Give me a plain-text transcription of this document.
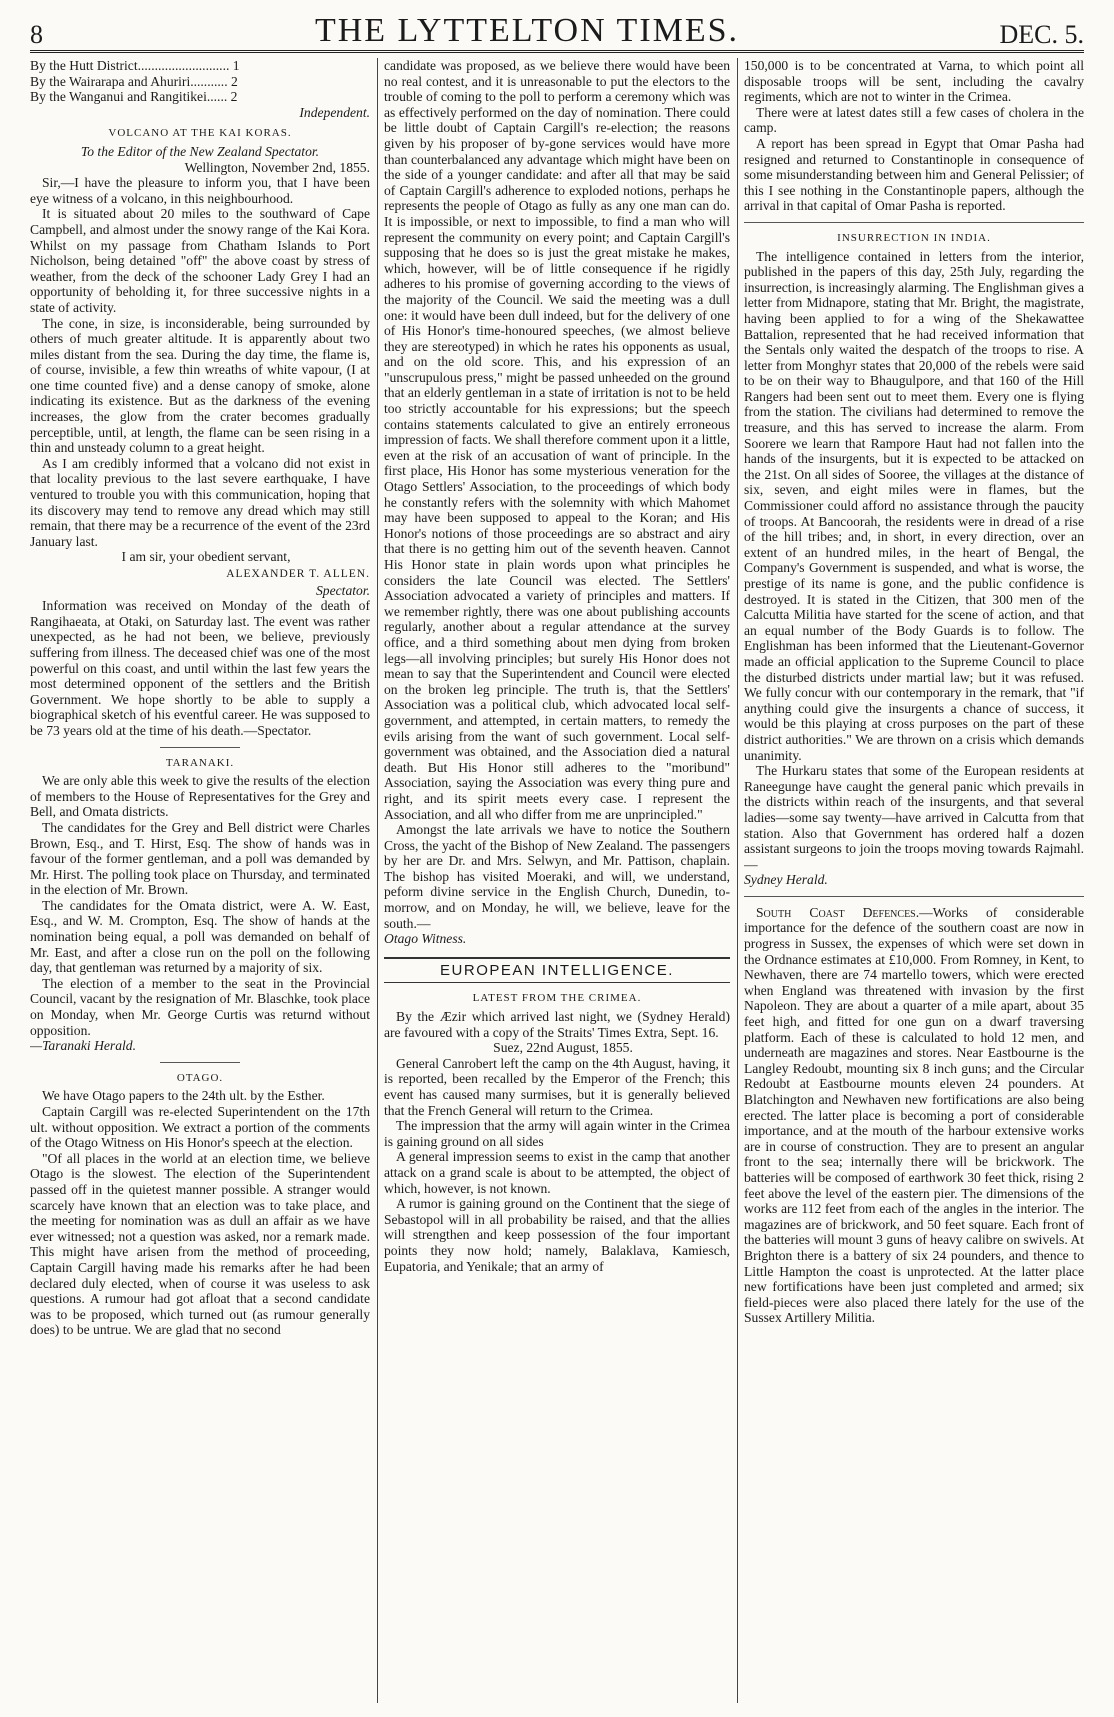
8	THE LYTTELTON TIMES.	DEC. 5.

By the Hutt District........................... 1

By the Wairarapa and Ahuriri........... 2

By the Wanganui and Rangitikei...... 2

Independent.

VOLCANO AT THE KAI KORAS.

To the Editor of the New Zealand Spectator.

Wellington, November 2nd, 1855.

Sir,—I have the pleasure to inform you, that I have been eye witness of a volcano, in this neighbourhood.

It is situated about 20 miles to the southward of Cape Campbell, and almost under the snowy range of the Kai Kora. Whilst on my passage from Chatham Islands to Port Nicholson, being detained "off" the above coast by stress of weather, from the deck of the schooner Lady Grey I had an opportunity of beholding it, for three successive nights in a state of activity.

The cone, in size, is inconsiderable, being surrounded by others of much greater altitude. It is apparently about two miles distant from the sea. During the day time, the flame is, of course, invisible, a few thin wreaths of white vapour, (I at one time counted five) and a dense canopy of smoke, alone indicating its existence. But as the darkness of the evening increases, the glow from the crater becomes gradually perceptible, until, at length, the flame can be seen rising in a thin and unsteady column to a great height.

As I am credibly informed that a volcano did not exist in that locality previous to the last severe earthquake, I have ventured to trouble you with this communication, hoping that its discovery may tend to remove any dread which may still remain, that there may be a recurrence of the event of the 23rd January last.

I am sir, your obedient servant,

ALEXANDER T. ALLEN.

Spectator.

Information was received on Monday of the death of Rangihaeata, at Otaki, on Saturday last. The event was rather unexpected, as he had not been, we believe, previously suffering from illness. The deceased chief was one of the most powerful on this coast, and until within the last few years the most determined opponent of the settlers and the British Government. We hope shortly to be able to supply a biographical sketch of his eventful career. He was supposed to be 73 years old at the time of his death.—Spectator.

TARANAKI.

We are only able this week to give the results of the election of members to the House of Representatives for the Grey and Bell, and Omata districts.

The candidates for the Grey and Bell district were Charles Brown, Esq., and T. Hirst, Esq. The show of hands was in favour of the former gentleman, and a poll was demanded by Mr. Hirst. The polling took place on Thursday, and terminated in the election of Mr. Brown.

The candidates for the Omata district, were A. W. East, Esq., and W. M. Crompton, Esq. The show of hands at the nomination being equal, a poll was demanded on behalf of Mr. East, and after a close run on the poll on the following day, that gentleman was returned by a majority of six.

The election of a member to the seat in the Provincial Council, vacant by the resignation of Mr. Blaschke, took place on Monday, when Mr. George Curtis was returnd without opposition.

—Taranaki Herald.

OTAGO.

We have Otago papers to the 24th ult. by the Esther.

Captain Cargill was re-elected Superintendent on the 17th ult. without opposition. We extract a portion of the comments of the Otago Witness on His Honor's speech at the election.

"Of all places in the world at an election time, we believe Otago is the slowest. The election of the Superintendent passed off in the quietest manner possible. A stranger would scarcely have known that an election was to take place, and the meeting for nomination was as dull an affair as we have ever witnessed; not a question was asked, nor a remark made. This might have arisen from the method of proceeding, Captain Cargill having made his remarks after he had been declared duly elected, when of course it was useless to ask questions. A rumour had got afloat that a second candidate was to be proposed, which turned out (as rumour generally does) to be untrue. We are glad that no second

candidate was proposed, as we believe there would have been no real contest, and it is unreasonable to put the electors to the trouble of coming to the poll to perform a ceremony which was as effectively performed on the day of nomination. There could be little doubt of Captain Cargill's re-election; the reasons given by his proposer of by-gone services would have more than counterbalanced any advantage which might have been on the side of a younger candidate: and after all that may be said of Captain Cargill's adherence to exploded notions, perhaps he represents the people of Otago as fully as any one man can do. It is impossible, or next to impossible, to find a man who will represent the community on every point; and Captain Cargill's supposing that he does so is just the great mistake he makes, which, however, will be of little consequence if he rigidly adheres to his promise of governing according to the views of the majority of the Council. We said the meeting was a dull one: it would have been dull indeed, but for the delivery of one of His Honor's time-honoured speeches, (we almost believe they are stereotyped) in which he rates his opponents as usual, and on the old score. This, and his expression of an "unscrupulous press," might be passed unheeded on the ground that an elderly gentleman in a state of irritation is not to be held too strictly accountable for his expressions; but the speech contains statements calculated to give an entirely erroneous impression of facts. We shall therefore comment upon it a little, even at the risk of an accusation of want of principle. In the first place, His Honor has some mysterious veneration for the Otago Settlers' Association, to the proceedings of which body he constantly refers with the solemnity with which Mahomet may have been supposed to appeal to the Koran; and His Honor's notions of those proceedings are so abstract and airy that there is no getting him out of the seventh heaven. Cannot His Honor state in plain words upon what principles he considers the late Council was elected. The Settlers' Association advocated a variety of principles and matters. If we remember rightly, there was one about publishing accounts regularly, another about a regular attendance at the survey office, and a third something about men dying from broken legs—all involving principles; but surely His Honor does not mean to say that the Superintendent and Council were elected on the broken leg principle. The truth is, that the Settlers' Association was a political club, which advocated local self-government, and attempted, in certain matters, to remedy the evils arising from the want of such government. Local self-government was obtained, and the Association died a natural death. But His Honor still adheres to the "moribund" Association, saying the Association was every thing pure and right, and its spirit meets every case. I represent the Association, and all who differ from me are unprincipled."

Amongst the late arrivals we have to notice the Southern Cross, the yacht of the Bishop of New Zealand. The passengers by her are Dr. and Mrs. Selwyn, and Mr. Pattison, chaplain. The bishop has visited Moeraki, and will, we understand, peform divine service in the English Church, Dunedin, to-morrow, and on Monday, he will, we believe, leave for the south.—

Otago Witness.

EUROPEAN INTELLIGENCE.
LATEST FROM THE CRIMEA.

By the Æzir which arrived last night, we (Sydney Herald) are favoured with a copy of the Straits' Times Extra, Sept. 16.

Suez, 22nd August, 1855.

General Canrobert left the camp on the 4th August, having, it is reported, been recalled by the Emperor of the French; this event has caused many surmises, but it is generally believed that the French General will return to the Crimea.

The impression that the army will again winter in the Crimea is gaining ground on all sides

A general impression seems to exist in the camp that another attack on a grand scale is about to be attempted, the object of which, however, is not known.

A rumor is gaining ground on the Continent that the siege of Sebastopol will in all probability be raised, and that the allies will strengthen and keep possession of the four important points they now hold; namely, Balaklava, Kamiesch, Eupatoria, and Yenikale; that an army of

150,000 is to be concentrated at Varna, to which point all disposable troops will be sent, including the cavalry regiments, which are not to winter in the Crimea.

There were at latest dates still a few cases of cholera in the camp.

A report has been spread in Egypt that Omar Pasha had resigned and returned to Constantinople in consequence of some misunderstanding between him and General Pelissier; of this I see nothing in the Constantinople papers, although the arrival in that capital of Omar Pasha is reported.

INSURRECTION IN INDIA.

The intelligence contained in letters from the interior, published in the papers of this day, 25th July, regarding the insurrection, is increasingly alarming. The Englishman gives a letter from Midnapore, stating that Mr. Bright, the magistrate, having been applied to for a wing of the Shekawattee Battalion, represented that he had received information that the Sentals only waited the despatch of the troops to rise. A letter from Monghyr states that 20,000 of the rebels were said to be on their way to Bhaugulpore, and that 160 of the Hill Rangers had been sent out to meet them. Every one is flying from the station. The civilians had determined to remove the treasure, and this has served to increase the alarm. From Soorere we learn that Rampore Haut had not fallen into the hands of the insurgents, but it is expected to be attacked on the 21st. On all sides of Sooree, the villages at the distance of six, seven, and eight miles were in flames, but the Commissioner could afford no assistance through the paucity of troops. At Bancoorah, the residents were in dread of a rise of the hill tribes; and, in short, in every direction, over an extent of an hundred miles, in the heart of Bengal, the Company's Government is suspended, and what is worse, the prestige of its name is gone, and the public confidence is destroyed. It is stated in the Citizen, that 300 men of the Calcutta Militia have started for the scene of action, and that an equal number of the Body Guards is to follow. The Englishman has been informed that the Lieutenant-Governor made an official application to the Supreme Council to place the disturbed districts under martial law; but it was refused. We fully concur with our contemporary in the remark, that "if anything could give the insurgents a chance of success, it would be this playing at cross purposes on the part of these district authorities." We are thrown on a crisis which demands unanimity.

The Hurkaru states that some of the European residents at Raneegunge have caught the general panic which prevails in the districts within reach of the insurgents, and that several ladies—some say twenty—have arrived in Calcutta from that station. Also that Government has ordered half a dozen assistant surgeons to join the troops moving towards Rajmahl.—

Sydney Herald.

South Coast Defences.—Works of considerable importance for the defence of the southern coast are now in progress in Sussex, the expenses of which were set down in the Ordnance estimates at £10,000. From Romney, in Kent, to Newhaven, there are 74 martello towers, which were erected when England was threatened with invasion by the first Napoleon. They are about a quarter of a mile apart, about 35 feet high, and fitted for one gun on a dwarf traversing platform. Each of these is calculated to hold 12 men, and underneath are magazines and stores. Near Eastbourne is the Langley Redoubt, mounting six 8 inch guns; and the Circular Redoubt at Eastbourne mounts eleven 24 pounders. At Blatchington and Newhaven new fortifications are also being erected. The latter place is becoming a port of considerable importance, and at the mouth of the harbour extensive works are in course of construction. They are to present an angular front to the sea; internally there will be brickwork. The batteries will be composed of earthwork 30 feet thick, rising 2 feet above the level of the eastern pier. The dimensions of the works are 112 feet from each of the angles in the interior. The magazines are of brickwork, and 50 feet square. Each front of the batteries will mount 3 guns of heavy calibre on swivels. At Brighton there is a battery of six 24 pounders, and thence to Little Hampton the coast is unprotected. At the latter place new fortifications have been just completed and armed; six field-pieces were also placed there lately for the use of the Sussex Artillery Militia.
